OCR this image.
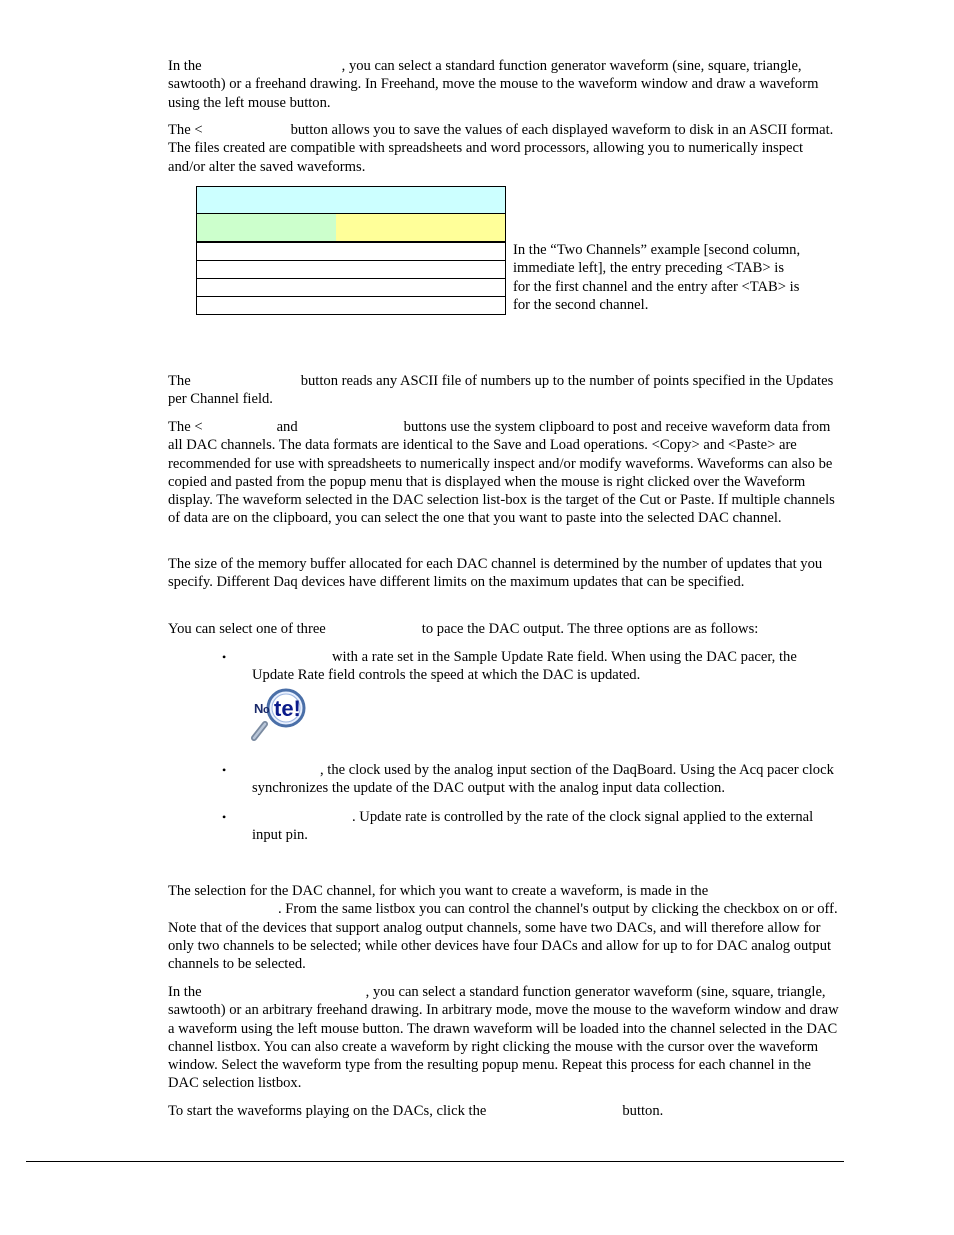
In the	, you can select a standard function generator waveform (sine, square, triangle, sawtooth) or a freehand drawing. In Freehand, move the mouse to the waveform window and draw a waveform using the left mouse button.

The <	button allows you to save the values of each displayed waveform to disk in an ASCII format. The files created are compatible with spreadsheets and word processors, allowing you to numerically inspect and/or alter the saved waveforms.

In the “Two Channels” example [second column, immediate left], the entry preceding <TAB> is for the first channel and the entry after <TAB> is for the second channel.

The	button reads any ASCII file of numbers up to the number of points specified in the Updates per Channel field.

The <	and	buttons use the system clipboard to post and receive waveform data from all DAC channels. The data formats are identical to the Save and Load operations. <Copy> and <Paste> are recommended for use with spreadsheets to numerically inspect and/or modify waveforms. Waveforms can also be copied and pasted from the popup menu that is displayed when the mouse is right clicked over the Waveform display. The waveform selected in the DAC selection list-box is the target of the Cut or Paste. If multiple channels of data are on the clipboard, you can select the one that you want to paste into the selected DAC channel.

The size of the memory buffer allocated for each DAC channel is determined by the number of updates that you specify. Different Daq devices have different limits on the maximum updates that can be specified.

You can select one of three	to pace the DAC output. The three options are as follows:

•	with a rate set in the Sample Update Rate field. When using the DAC pacer, the Update Rate field controls the speed at which the DAC is updated.
N o te!
•	, the clock used by the analog input section of the DaqBoard. Using the Acq pacer clock synchronizes the update of the DAC output with the analog input data collection.
•	. Update rate is controlled by the rate of the clock signal applied to the external input pin.

The selection for the DAC channel, for which you want to create a waveform, is made in the
. From the same listbox you can control the channel's output by clicking the checkbox on or off. Note that of the devices that support analog output channels, some have two DACs, and will therefore allow for only two channels to be selected; while other devices have four DACs and allow for up to for DAC analog output channels to be selected.

In the	, you can select a standard function generator waveform (sine, square, triangle, sawtooth) or an arbitrary freehand drawing. In arbitrary mode, move the mouse to the waveform window and draw a waveform using the left mouse button. The drawn waveform will be loaded into the channel selected in the DAC channel listbox. You can also create a waveform by right clicking the mouse with the cursor over the waveform window. Select the waveform type from the resulting popup menu. Repeat this process for each channel in the DAC selection listbox.

To start the waveforms playing on the DACs, click the	button.
